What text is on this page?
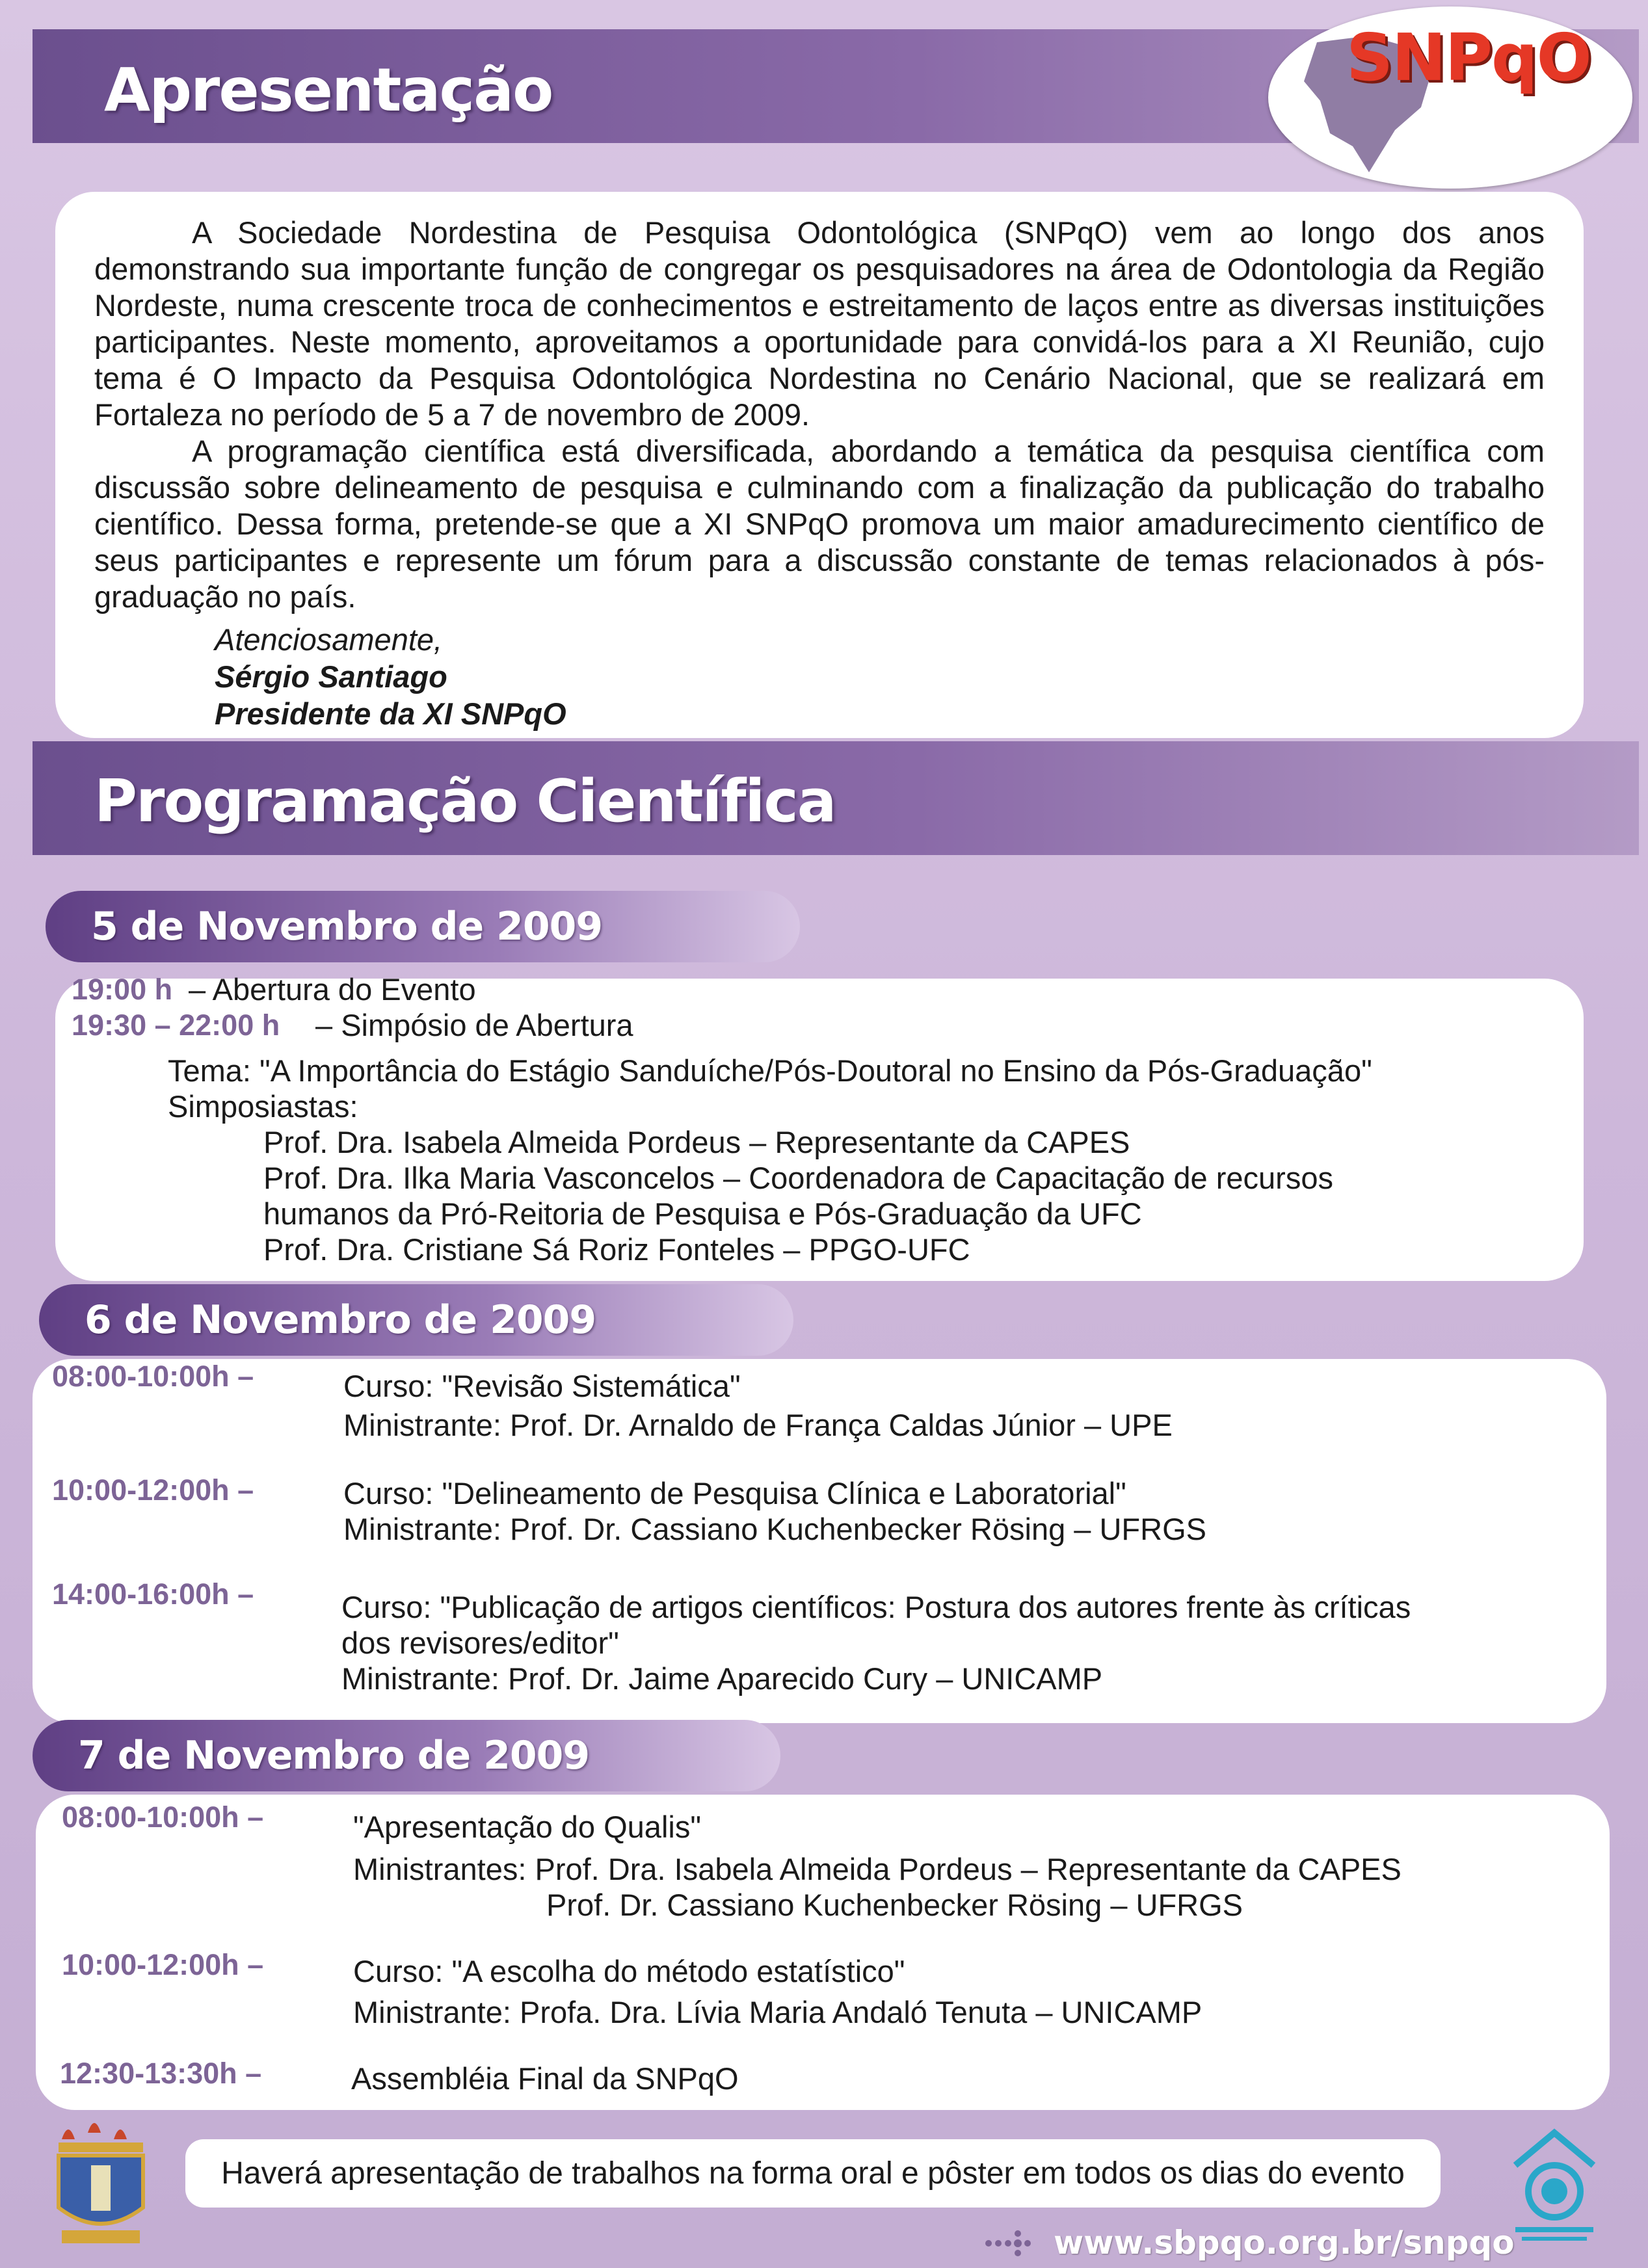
Apresentação	SNPqO

A Sociedade Nordestina de Pesquisa Odontológica (SNPqO) vem ao longo dos anos demonstrando sua importante função de congregar os pesquisadores na área de Odontologia da Região Nordeste, numa crescente troca de conhecimentos e estreitamento de laços entre as diversas instituições participantes. Neste momento, aproveitamos a oportunidade para convidá-los para a XI Reunião, cujo tema é O Impacto da Pesquisa Odontológica Nordestina no Cenário Nacional, que se realizará em Fortaleza no período de 5 a 7 de novembro de 2009.

A programação científica está diversificada, abordando a temática da pesquisa científica com discussão sobre delineamento de pesquisa e culminando com a finalização da publicação do trabalho científico. Dessa forma, pretende-se que a XI SNPqO promova um maior amadurecimento científico de seus participantes e represente um fórum para a discussão constante de temas relacionados à pós-graduação no país.

Atenciosamente,
Sérgio Santiago
Presidente da XI SNPqO
Programação Científica
5 de Novembro de 2009
19:00 h – Abertura do Evento
19:30 – 22:00 h – Simpósio de Abertura
Tema: "A Importância do Estágio Sanduíche/Pós-Doutoral no Ensino da Pós-Graduação"
Simposiastas:
Prof. Dra. Isabela Almeida Pordeus – Representante da CAPES
Prof. Dra. Ilka Maria Vasconcelos – Coordenadora de Capacitação de recursos
humanos da Pró-Reitoria de Pesquisa e Pós-Graduação da UFC
Prof. Dra. Cristiane Sá Roriz Fonteles – PPGO-UFC
6 de Novembro de 2009
08:00-10:00h –	Curso: "Revisão Sistemática"
Ministrante: Prof. Dr. Arnaldo de França Caldas Júnior – UPE
10:00-12:00h –	Curso: "Delineamento de Pesquisa Clínica e Laboratorial"
Ministrante: Prof. Dr. Cassiano Kuchenbecker Rösing – UFRGS
14:00-16:00h –	Curso: "Publicação de artigos científicos: Postura dos autores frente às críticas
dos revisores/editor"
Ministrante: Prof. Dr. Jaime Aparecido Cury – UNICAMP
7 de Novembro de 2009
08:00-10:00h –	"Apresentação do Qualis"
Ministrantes: Prof. Dra. Isabela Almeida Pordeus – Representante da CAPES
Prof. Dr. Cassiano Kuchenbecker Rösing – UFRGS
10:00-12:00h –	Curso: "A escolha do método estatístico"
Ministrante: Profa. Dra. Lívia Maria Andaló Tenuta – UNICAMP
12:30-13:30h –	Assembléia Final da SNPqO
Haverá apresentação de trabalhos na forma oral e pôster em todos os dias do evento
www.sbpqo.org.br/snpqo
